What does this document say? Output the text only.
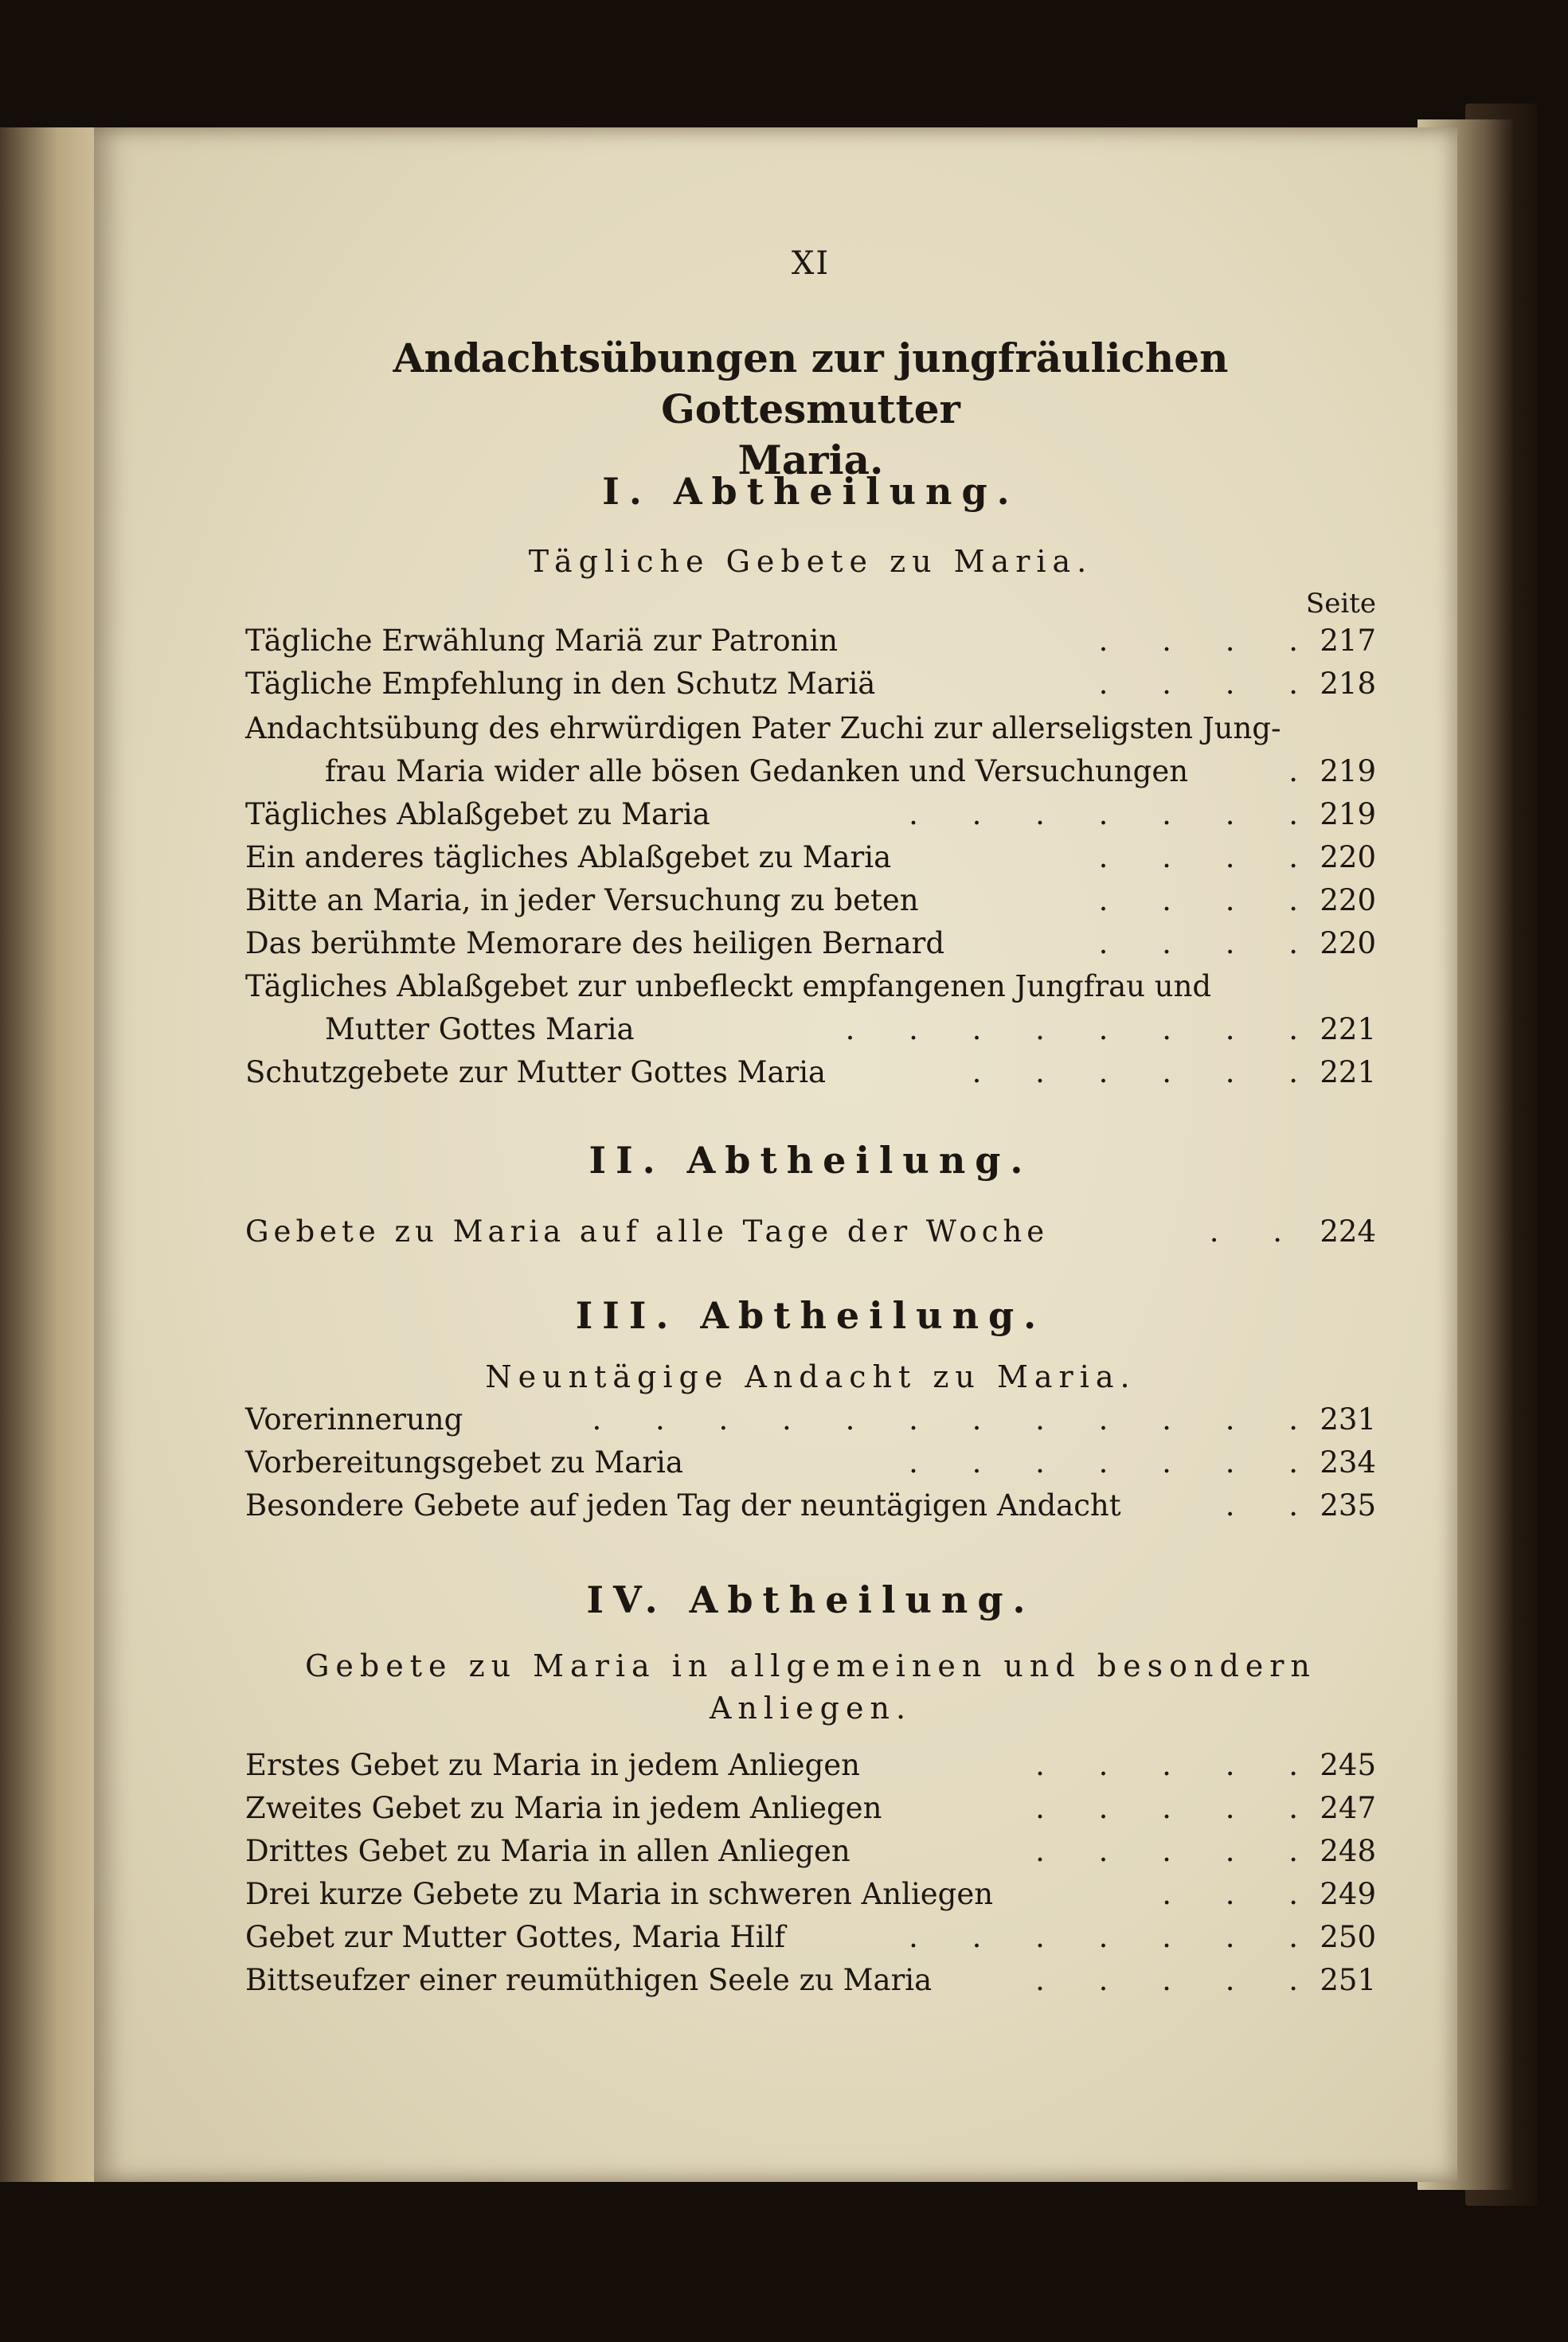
XI
Andachtsübungen zur jungfräulichen Gottesmutter
Maria.
I. Abtheilung.
Tägliche Gebete zu Maria.
Seite
Tägliche Erwählung Mariä zur Patronin	. . . . 217
Tägliche Empfehlung in den Schutz Mariä	. . . . 218
Andachtsübung des ehrwürdigen Pater Zuchi zur allerseligsten Jung-
frau Maria wider alle bösen Gedanken und Versuchungen	. 219
Tägliches Ablaßgebet zu Maria	. . . . . . . 219
Ein anderes tägliches Ablaßgebet zu Maria	. . . . 220
Bitte an Maria, in jeder Versuchung zu beten	. . . . 220
Das berühmte Memorare des heiligen Bernard	. . . . 220
Tägliches Ablaßgebet zur unbefleckt empfangenen Jungfrau und
Mutter Gottes Maria	. . . . . . . . 221
Schutzgebete zur Mutter Gottes Maria	. . . . . . 221
II. Abtheilung.
Gebete zu Maria auf alle Tage der Woche	. . 224
III. Abtheilung.
Neuntägige Andacht zu Maria.
Vorerinnerung	. . . . . . . . . . . . 231
Vorbereitungsgebet zu Maria	. . . . . . . 234
Besondere Gebete auf jeden Tag der neuntägigen Andacht	. . 235
IV. Abtheilung.
Gebete zu Maria in allgemeinen und besondern
Anliegen.
Erstes Gebet zu Maria in jedem Anliegen	. . . . . 245
Zweites Gebet zu Maria in jedem Anliegen	. . . . . 247
Drittes Gebet zu Maria in allen Anliegen	. . . . . 248
Drei kurze Gebete zu Maria in schweren Anliegen	. . . 249
Gebet zur Mutter Gottes, Maria Hilf	. . . . . . . 250
Bittseufzer einer reumüthigen Seele zu Maria	. . . . . 251
